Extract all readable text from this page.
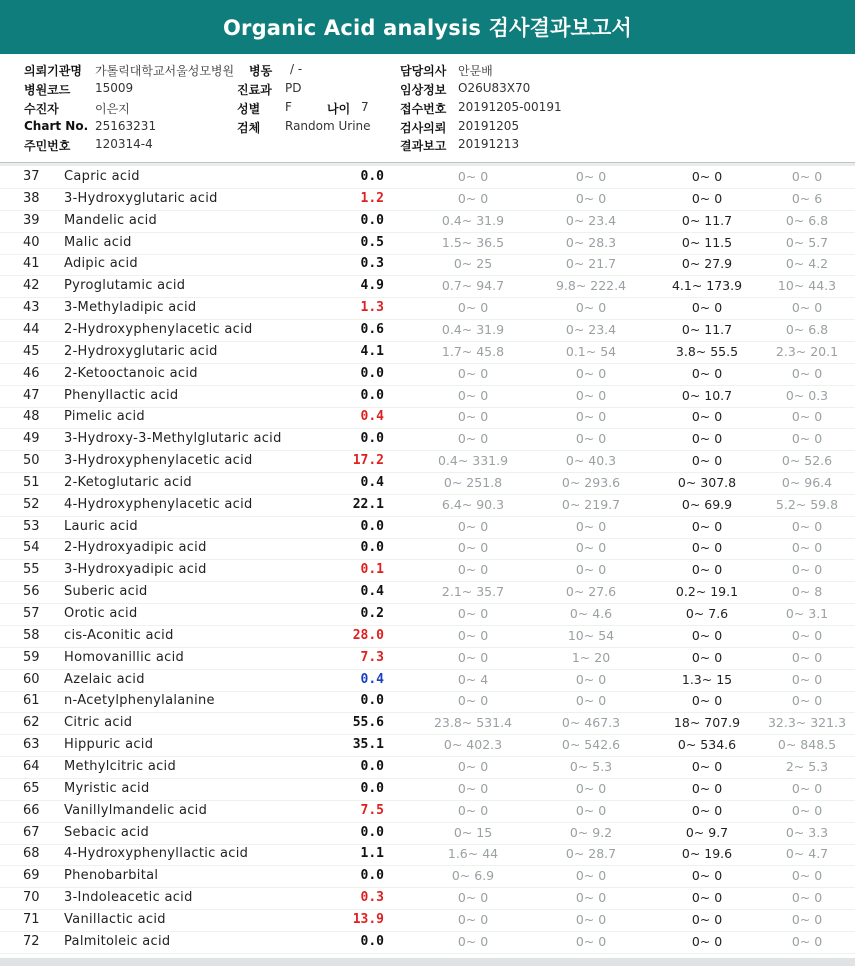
Organic Acid analysis 검사결과보고서
의뢰기관명 가톨릭대학교서울성모병원 병동 / -	담당의사 안문배
병원코드 15009	진료과 PD	임상정보 O26U83X70
수진자	이은지	성별 F	나이 7	접수번호 20191205-00191
Chart No. 25163231	검체 Random Urine 검사의뢰 20191205
주민번호 120314-4	결과보고 20191213
37	Capric acid	0.0	0~ 0	0~ 0	0~ 0	0~ 0
38	3-Hydroxyglutaric acid	1.2	0~ 0	0~ 0	0~ 0	0~ 6
39	Mandelic acid	0.0	0.4~ 31.9	0~ 23.4	0~ 11.7	0~ 6.8
40	Malic acid	0.5	1.5~ 36.5	0~ 28.3	0~ 11.5	0~ 5.7
41	Adipic acid	0.3	0~ 25	0~ 21.7	0~ 27.9	0~ 4.2
42	Pyroglutamic acid	4.9	0.7~ 94.7	9.8~ 222.4	4.1~ 173.9	10~ 44.3
43	3-Methyladipic acid	1.3	0~ 0	0~ 0	0~ 0	0~ 0
44	2-Hydroxyphenylacetic acid	0.6	0.4~ 31.9	0~ 23.4	0~ 11.7	0~ 6.8
45	2-Hydroxyglutaric acid	4.1	1.7~ 45.8	0.1~ 54	3.8~ 55.5	2.3~ 20.1
46	2-Ketooctanoic acid	0.0	0~ 0	0~ 0	0~ 0	0~ 0
47	Phenyllactic acid	0.0	0~ 0	0~ 0	0~ 10.7	0~ 0.3
48	Pimelic acid	0.4	0~ 0	0~ 0	0~ 0	0~ 0
49	3-Hydroxy-3-Methylglutaric acid	0.0	0~ 0	0~ 0	0~ 0	0~ 0
50	3-Hydroxyphenylacetic acid	17.2	0.4~ 331.9	0~ 40.3	0~ 0	0~ 52.6
51	2-Ketoglutaric acid	0.4	0~ 251.8	0~ 293.6	0~ 307.8	0~ 96.4
52	4-Hydroxyphenylacetic acid	22.1	6.4~ 90.3	0~ 219.7	0~ 69.9	5.2~ 59.8
53	Lauric acid	0.0	0~ 0	0~ 0	0~ 0	0~ 0
54	2-Hydroxyadipic acid	0.0	0~ 0	0~ 0	0~ 0	0~ 0
55	3-Hydroxyadipic acid	0.1	0~ 0	0~ 0	0~ 0	0~ 0
56	Suberic acid	0.4	2.1~ 35.7	0~ 27.6	0.2~ 19.1	0~ 8
57	Orotic acid	0.2	0~ 0	0~ 4.6	0~ 7.6	0~ 3.1
58	cis-Aconitic acid	28.0	0~ 0	10~ 54	0~ 0	0~ 0
59	Homovanillic acid	7.3	0~ 0	1~ 20	0~ 0	0~ 0
60	Azelaic acid	0.4	0~ 4	0~ 0	1.3~ 15	0~ 0
61	n-Acetylphenylalanine	0.0	0~ 0	0~ 0	0~ 0	0~ 0
62	Citric acid	55.6	23.8~ 531.4	0~ 467.3	18~ 707.9	32.3~ 321.3
63	Hippuric acid	35.1	0~ 402.3	0~ 542.6	0~ 534.6	0~ 848.5
64	Methylcitric acid	0.0	0~ 0	0~ 5.3	0~ 0	2~ 5.3
65	Myristic acid	0.0	0~ 0	0~ 0	0~ 0	0~ 0
66	Vanillylmandelic acid	7.5	0~ 0	0~ 0	0~ 0	0~ 0
67	Sebacic acid	0.0	0~ 15	0~ 9.2	0~ 9.7	0~ 3.3
68	4-Hydroxyphenyllactic acid	1.1	1.6~ 44	0~ 28.7	0~ 19.6	0~ 4.7
69	Phenobarbital	0.0	0~ 6.9	0~ 0	0~ 0	0~ 0
70	3-Indoleacetic acid	0.3	0~ 0	0~ 0	0~ 0	0~ 0
71	Vanillactic acid	13.9	0~ 0	0~ 0	0~ 0	0~ 0
72	Palmitoleic acid	0.0	0~ 0	0~ 0	0~ 0	0~ 0
